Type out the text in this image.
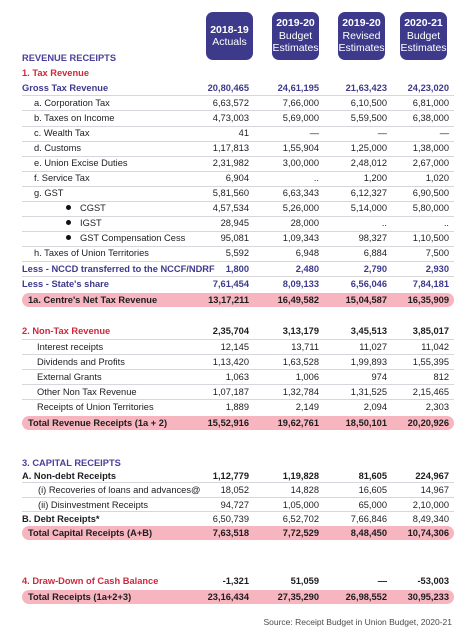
2018-19
Actuals
2019-20
Budget Estimates
2019-20
Revised Estimates
2020-21
Budget Estimates
REVENUE RECEIPTS
1. Tax Revenue
Gross Tax Revenue	20,80,465	24,61,195	21,63,423	24,23,020
a. Corporation Tax	6,63,572	7,66,000	6,10,500	6,81,000
b. Taxes on Income	4,73,003	5,69,000	5,59,500	6,38,000
c. Wealth Tax	41	—	—	—
d. Customs	1,17,813	1,55,904	1,25,000	1,38,000
e. Union Excise Duties	2,31,982	3,00,000	2,48,012	2,67,000
f. Service Tax	6,904	..	1,200	1,020
g. GST	5,81,560	6,63,343	6,12,327	6,90,500
CGST	4,57,534	5,26,000	5,14,000	5,80,000
IGST	28,945	28,000	..	..
GST Compensation Cess	95,081	1,09,343	98,327	1,10,500
h. Taxes of Union Territories	5,592	6,948	6,884	7,500
Less - NCCD transferred to the NCCF/NDRF	1,800	2,480	2,790	2,930
Less - State's share	7,61,454	8,09,133	6,56,046	7,84,181
1a. Centre's Net Tax Revenue	13,17,211	16,49,582	15,04,587	16,35,909
2. Non-Tax Revenue	2,35,704	3,13,179	3,45,513	3,85,017
Interest receipts	12,145	13,711	11,027	11,042
Dividends and Profits	1,13,420	1,63,528	1,99,893	1,55,395
External Grants	1,063	1,006	974	812
Other Non Tax Revenue	1,07,187	1,32,784	1,31,525	2,15,465
Receipts of Union Territories	1,889	2,149	2,094	2,303
Total Revenue Receipts (1a + 2)	15,52,916	19,62,761	18,50,101	20,20,926
3. CAPITAL RECEIPTS
A. Non-debt Receipts	1,12,779	1,19,828	81,605	224,967
(i) Recoveries of loans and advances@	18,052	14,828	16,605	14,967
(ii) Disinvestment Receipts	94,727	1,05,000	65,000	2,10,000
B. Debt Receipts*	6,50,739	6,52,702	7,66,846	8,49,340
Total Capital Receipts (A+B)	7,63,518	7,72,529	8,48,450	10,74,306
4. Draw-Down of Cash Balance	-1,321	51,059	—	-53,003
Total Receipts (1a+2+3)	23,16,434	27,35,290	26,98,552	30,95,233
Source: Receipt Budget in Union Budget, 2020-21
